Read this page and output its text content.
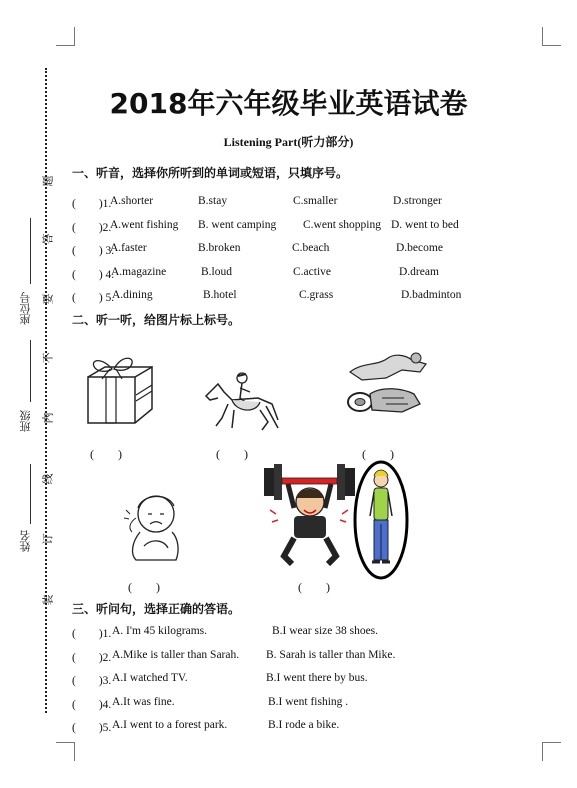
座位号
班级
姓名
题
答
要
不
内
线
订
装
2018年六年级毕业英语试卷
Listening Part(听力部分)
一、听音，选择你所听到的单词或短语，只填序号。
(　　)1.
A.shorter	B.stay	C.smaller	D.stronger
(　　)2.
A.went fishing B. went camping C.went shopping D. went to bed
(　　) 3.
A.faster	B.broken	C.beach	D.become
(　　) 4.
A.magazine	B.loud	C.active	D.dream
(　　) 5.
A.dining	B.hotel	C.grass	D.badminton
二、听一听，给图片标上标号。
(　　)	(　　)	(　　)
(　　)	(　　)
三、听问句，选择正确的答语。
(　　)1. A. I'm 45 kilograms.	B.I wear size 38 shoes.
(　　)2. A.Mike is taller than Sarah. B. Sarah is taller than Mike.
(　　)3. A.I watched TV.	B.I went there by bus.
(　　)4. A.It was fine.	B.I went fishing .
(　　)5. A.I went to a forest park.	B.I rode a bike.
